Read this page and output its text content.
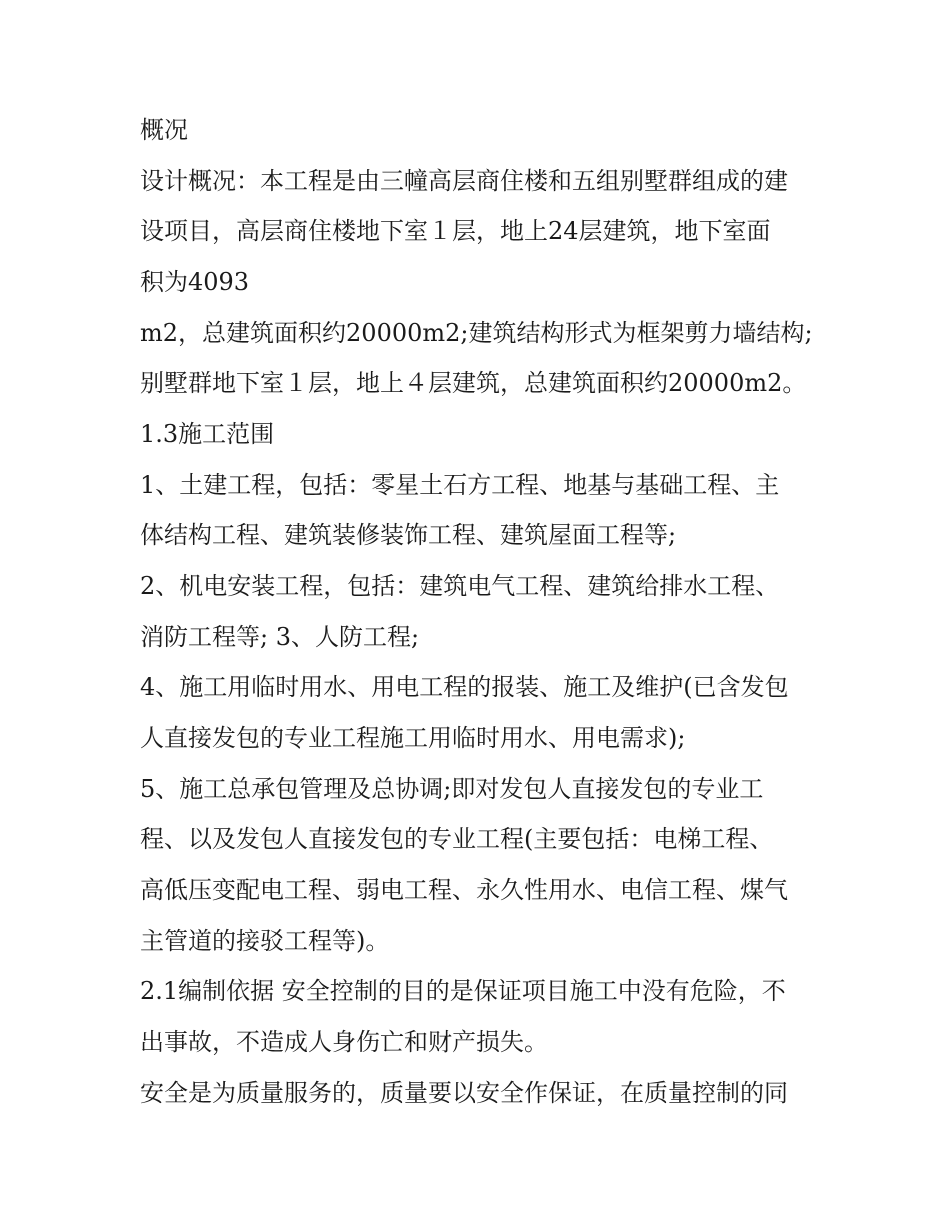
概况
设计概况：本工程是由三幢高层商住楼和五组别墅群组成的建
设项目，高层商住楼地下室１层，地上24层建筑，地下室面
积为4093
m2，总建筑面积约20000m2;建筑结构形式为框架剪力墙结构;
别墅群地下室１层，地上４层建筑，总建筑面积约20000m2。
1.3施工范围
1、土建工程，包括：零星土石方工程、地基与基础工程、主
体结构工程、建筑装修装饰工程、建筑屋面工程等;
2、机电安装工程，包括：建筑电气工程、建筑给排水工程、
消防工程等; 3、人防工程;
4、施工用临时用水、用电工程的报装、施工及维护(已含发包
人直接发包的专业工程施工用临时用水、用电需求);
5、施工总承包管理及总协调;即对发包人直接发包的专业工
程、以及发包人直接发包的专业工程(主要包括：电梯工程、
高低压变配电工程、弱电工程、永久性用水、电信工程、煤气
主管道的接驳工程等)。
2.1编制依据 安全控制的目的是保证项目施工中没有危险，不
出事故，不造成人身伤亡和财产损失。
安全是为质量服务的，质量要以安全作保证，在质量控制的同
